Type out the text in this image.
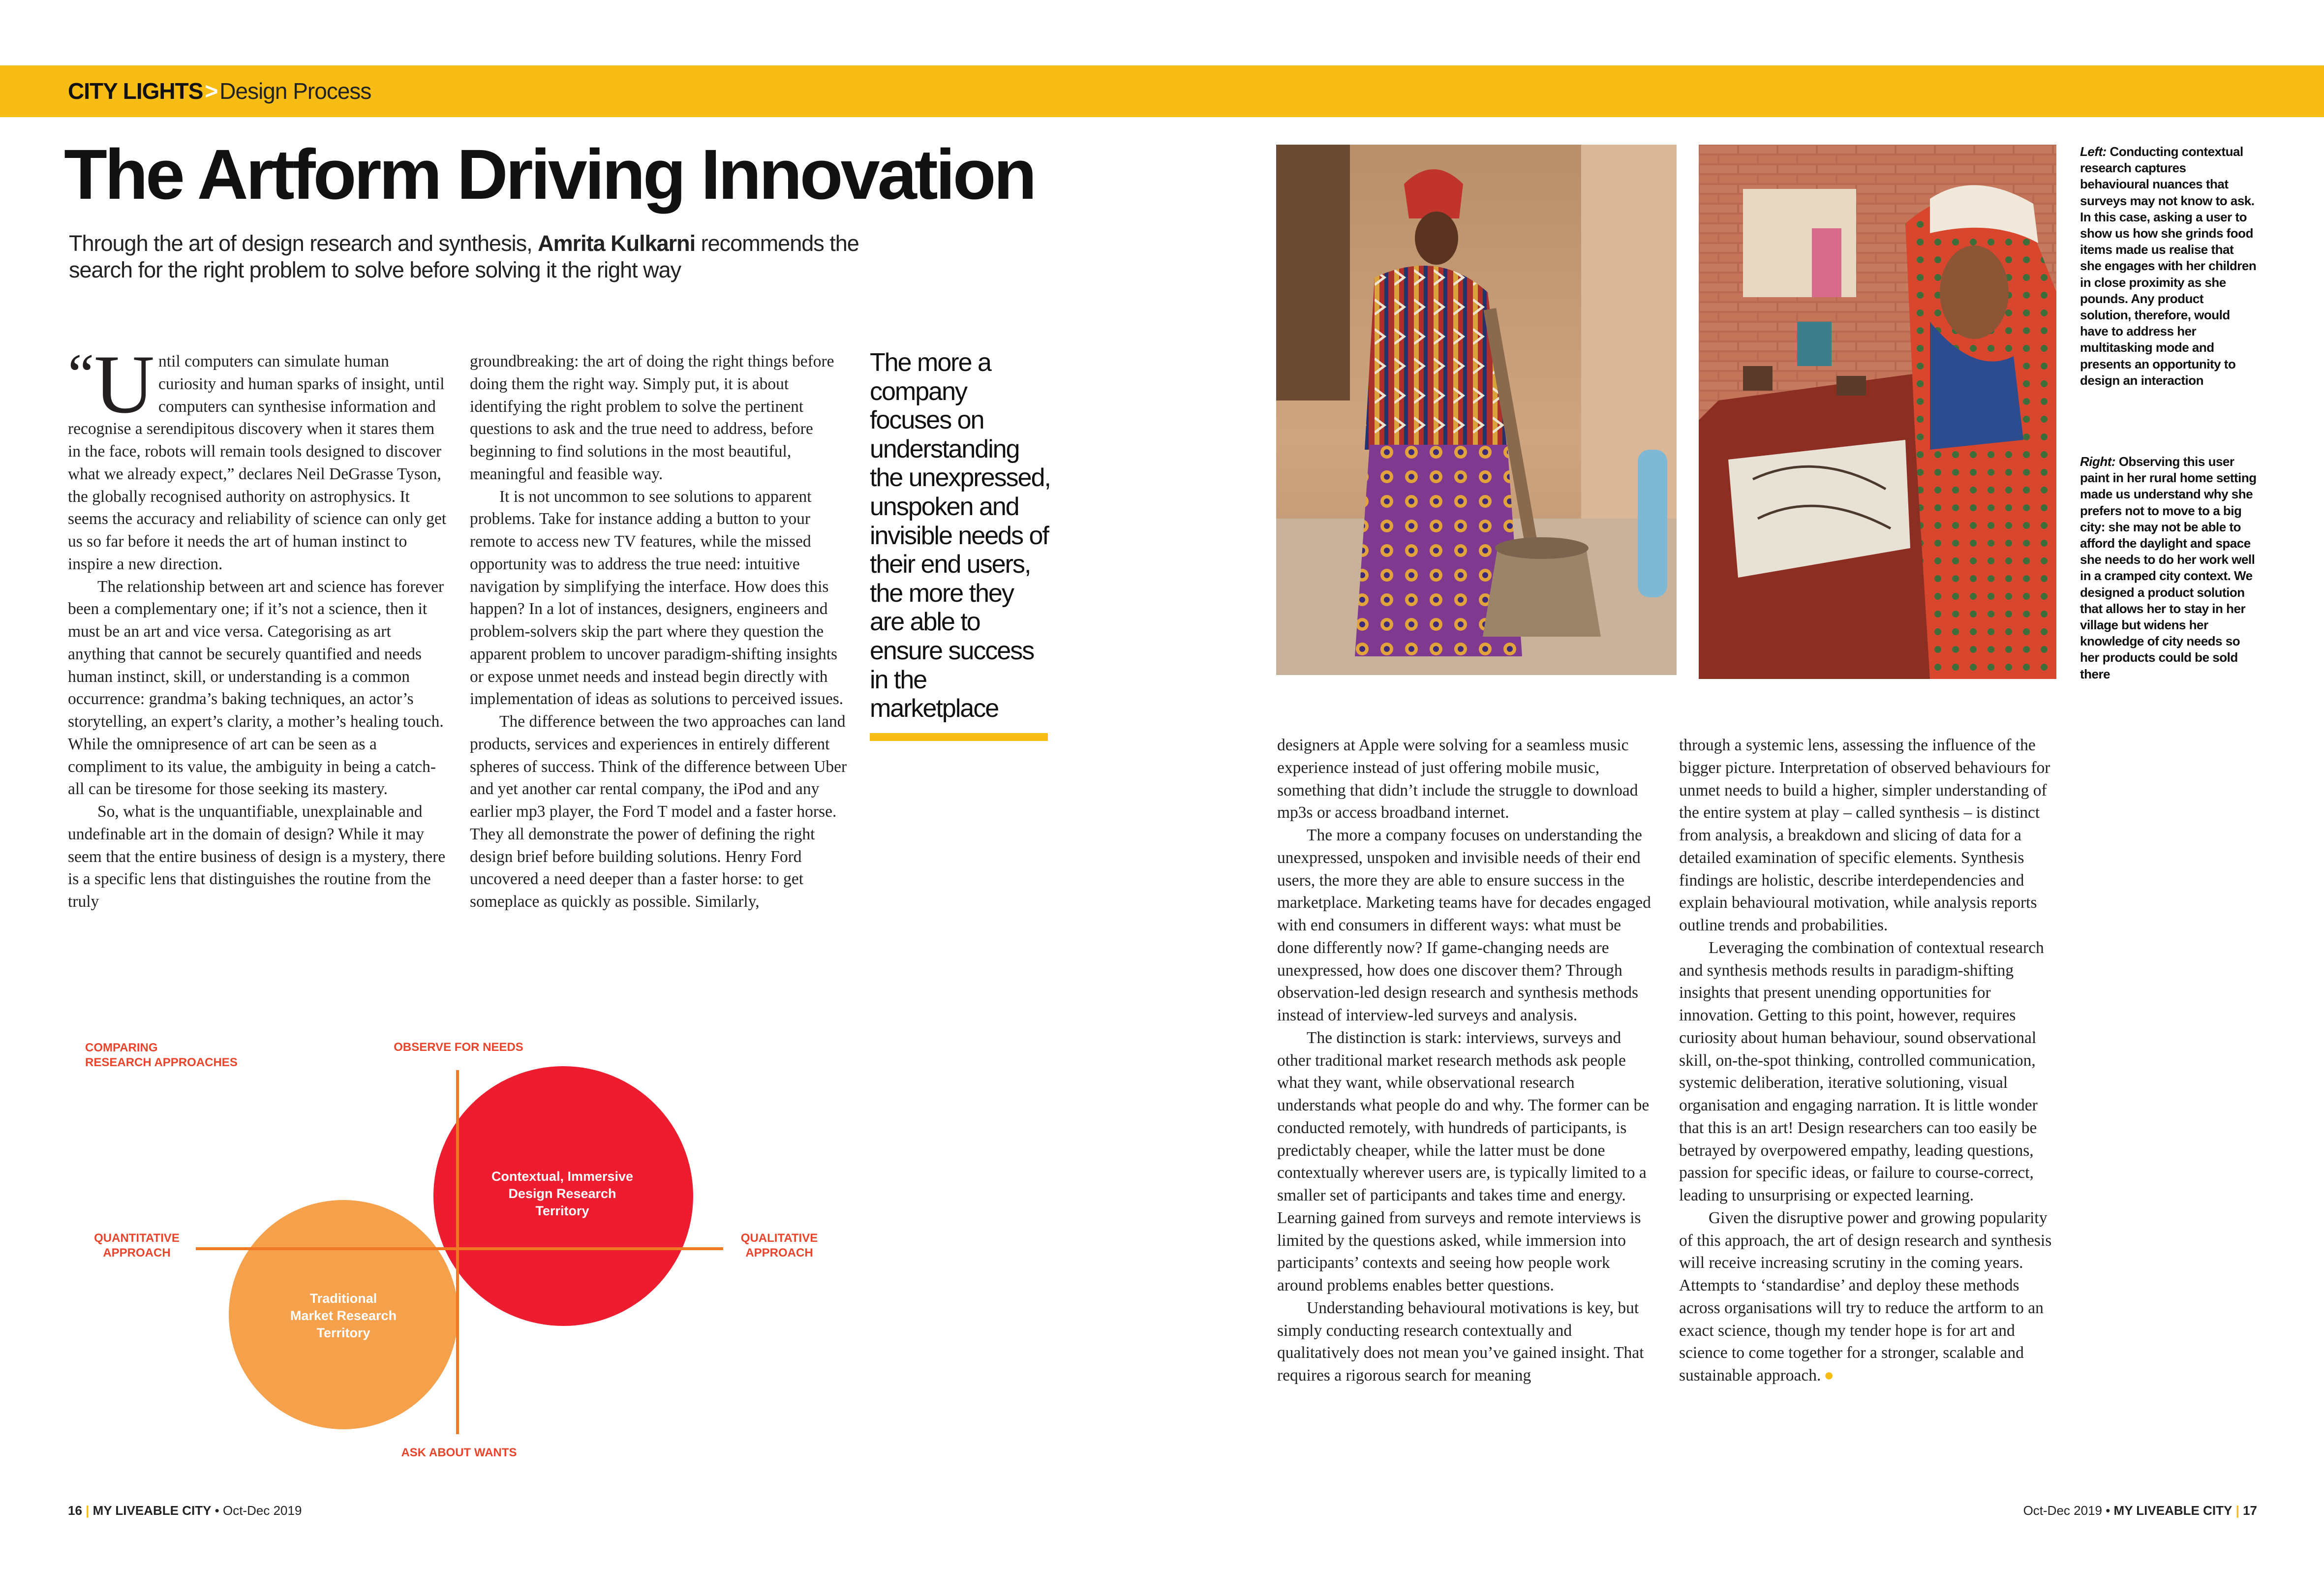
CITY LIGHTS>Design Process
The Artform Driving Innovation
Through the art of design research and synthesis, Amrita Kulkarni recommends the search for the right problem to solve before solving it the right way

“U ntil computers can simulate human curiosity and human sparks of insight, until computers can synthesise information and recognise a serendipitous discovery when it stares them in the face, robots will remain tools designed to discover what we already expect,” declares Neil DeGrasse Tyson, the globally recognised authority on astrophysics. It seems the accuracy and reliability of science can only get us so far before it needs the art of human instinct to inspire a new direction.

The relationship between art and science has forever been a complementary one; if it’s not a science, then it must be an art and vice versa. Categorising as art anything that cannot be securely quantified and needs human instinct, skill, or understanding is a common occurrence: grandma’s baking techniques, an actor’s storytelling, an expert’s clarity, a mother’s healing touch. While the omnipresence of art can be seen as a compliment to its value, the ambiguity in being a catch-all can be tiresome for those seeking its mastery.

So, what is the unquantifiable, unexplainable and undefinable art in the domain of design? While it may seem that the entire business of design is a mystery, there is a specific lens that distinguishes the routine from the truly

groundbreaking: the art of doing the right things before doing them the right way. Simply put, it is about identifying the right problem to solve the pertinent questions to ask and the true need to address, before beginning to find solutions in the most beautiful, meaningful and feasible way.

It is not uncommon to see solutions to apparent problems. Take for instance adding a button to your remote to access new TV features, while the missed opportunity was to address the true need: intuitive navigation by simplifying the interface. How does this happen? In a lot of instances, designers, engineers and problem-solvers skip the part where they question the apparent problem to uncover paradigm-shifting insights or expose unmet needs and instead begin directly with implementation of ideas as solutions to perceived issues.

The difference between the two approaches can land products, services and experiences in entirely different spheres of success. Think of the difference between Uber and yet another car rental company, the iPod and any earlier mp3 player, the Ford T model and a faster horse. They all demonstrate the power of defining the right design brief before building solutions. Henry Ford uncovered a need deeper than a faster horse: to get someplace as quickly as possible. Similarly,

The more a company focuses on understanding the unexpressed, unspoken and invisible needs of their end users, the more they are able to ensure success in the marketplace
Left: Conducting contextual research captures behavioural nuances that surveys may not know to ask. In this case, asking a user to show us how she grinds food items made us realise that she engages with her children in close proximity as she pounds. Any product solution, therefore, would have to address her multitasking mode and presents an opportunity to design an interaction
Right: Observing this user paint in her rural home setting made us understand why she prefers not to move to a big city: she may not be able to afford the daylight and space she needs to do her work well in a cramped city context. We designed a product solution that allows her to stay in her village but widens her knowledge of city needs so her products could be sold there
COMPARING
RESEARCH APPROACHES
OBSERVE FOR NEEDS
ASK ABOUT WANTS
QUANTITATIVE
APPROACH
QUALITATIVE
APPROACH
Contextual, Immersive
Design Research
Territory
Traditional
Market Research
Territory

designers at Apple were solving for a seamless music experience instead of just offering mobile music, something that didn’t include the struggle to download mp3s or access broadband internet.

The more a company focuses on understanding the unexpressed, unspoken and invisible needs of their end users, the more they are able to ensure success in the marketplace. Marketing teams have for decades engaged with end consumers in different ways: what must be done differently now? If game-changing needs are unexpressed, how does one discover them? Through observation-led design research and synthesis methods instead of interview-led surveys and analysis.

The distinction is stark: interviews, surveys and other traditional market research methods ask people what they want, while observational research understands what people do and why. The former can be conducted remotely, with hundreds of participants, is predictably cheaper, while the latter must be done contextually wherever users are, is typically limited to a smaller set of participants and takes time and energy. Learning gained from surveys and remote interviews is limited by the questions asked, while immersion into participants’ contexts and seeing how people work around problems enables better questions.

Understanding behavioural motivations is key, but simply conducting research contextually and qualitatively does not mean you’ve gained insight. That requires a rigorous search for meaning

through a systemic lens, assessing the influence of the bigger picture. Interpretation of observed behaviours for unmet needs to build a higher, simpler understanding of the entire system at play – called synthesis – is distinct from analysis, a breakdown and slicing of data for a detailed examination of specific elements. Synthesis findings are holistic, describe interdependencies and explain behavioural motivation, while analysis reports outline trends and probabilities.

Leveraging the combination of contextual research and synthesis methods results in paradigm-shifting insights that present unending opportunities for innovation. Getting to this point, however, requires curiosity about human behaviour, sound observational skill, on-the-spot thinking, controlled communication, systemic deliberation, iterative solutioning, visual organisation and engaging narration. It is little wonder that this is an art! Design researchers can too easily be betrayed by overpowered empathy, leading questions, passion for specific ideas, or failure to course-correct, leading to unsurprising or expected learning.

Given the disruptive power and growing popularity of this approach, the art of design research and synthesis will receive increasing scrutiny in the coming years. Attempts to ‘standardise’ and deploy these methods across organisations will try to reduce the artform to an exact science, though my tender hope is for art and science to come together for a stronger, scalable and sustainable approach. ●

16 | MY LIVEABLE CITY • Oct-Dec 2019	Oct-Dec 2019 • MY LIVEABLE CITY | 17
